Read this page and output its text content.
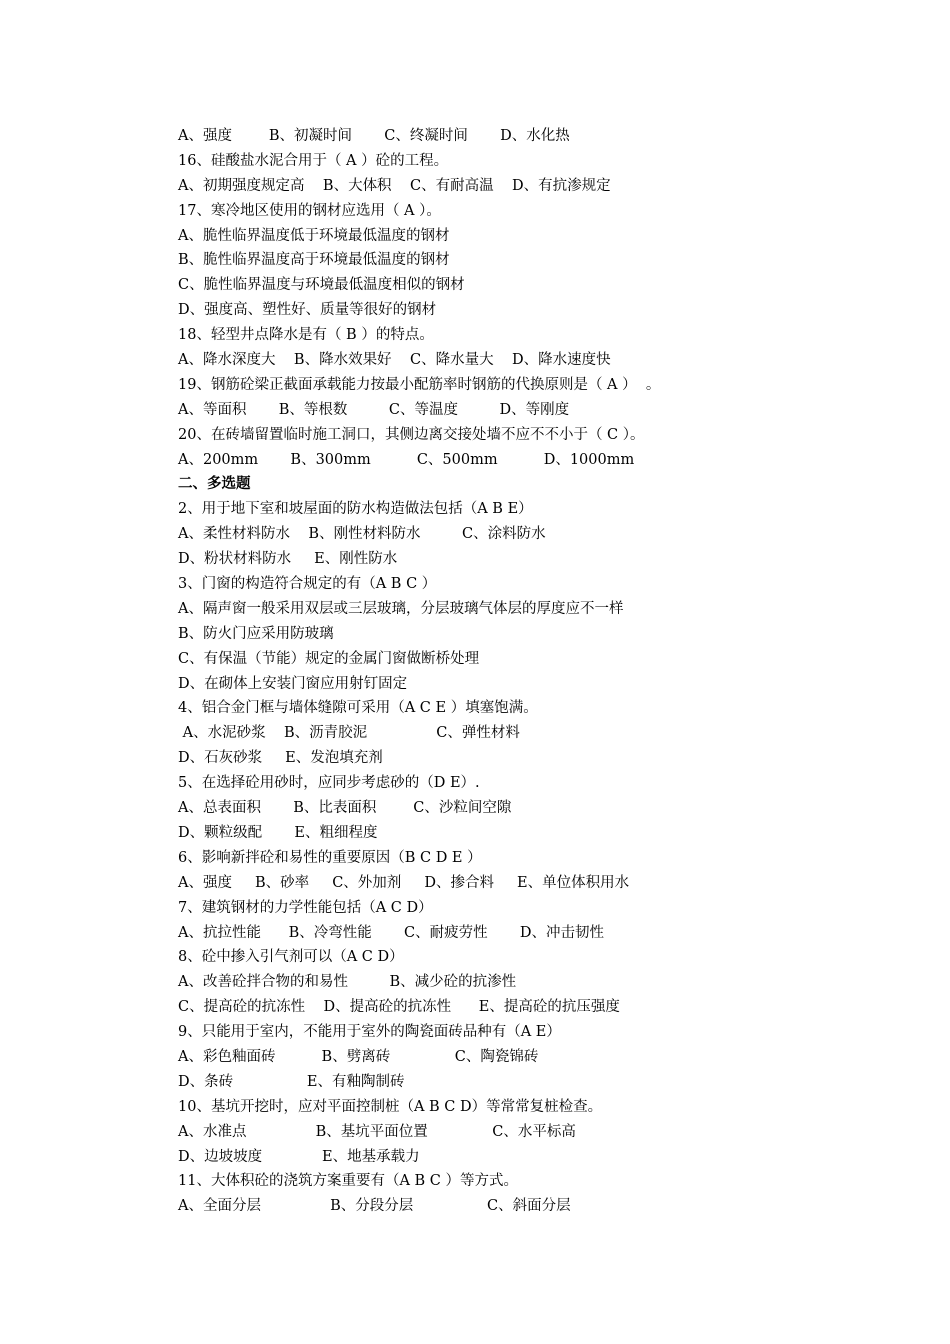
A、强度        B、初凝时间       C、终凝时间       D、水化热
16、硅酸盐水泥合用于（ A ）砼的工程。
A、初期强度规定高    B、大体积    C、有耐高温    D、有抗渗规定
17、寒冷地区使用的钢材应选用（ A ）。
A、脆性临界温度低于环境最低温度的钢材
B、脆性临界温度高于环境最低温度的钢材
C、脆性临界温度与环境最低温度相似的钢材
D、强度高、塑性好、质量等很好的钢材
18、轻型井点降水是有（ B ）的特点。
A、降水深度大    B、降水效果好    C、降水量大    D、降水速度快
19、钢筋砼梁正截面承载能力按最小配筋率时钢筋的代换原则是（ A ）  。
A、等面积       B、等根数         C、等温度         D、等刚度
20、在砖墙留置临时施工洞口，其侧边离交接处墙不应不不小于（ C ）。
A、200mm       B、300mm          C、500mm          D、1000mm
二、多选题
2、用于地下室和坡屋面的防水构造做法包括（A B E）
A、柔性材料防水    B、刚性材料防水         C、涂料防水
D、粉状材料防水     E、刚性防水
3、门窗的构造符合规定的有（A B C ）
A、隔声窗一般采用双层或三层玻璃，分层玻璃气体层的厚度应不一样
B、防火门应采用防玻璃
C、有保温（节能）规定的金属门窗做断桥处理
D、在砌体上安装门窗应用射钉固定
4、铝合金门框与墙体缝隙可采用（A C E ）填塞饱满。
A、水泥砂浆    B、沥青胶泥               C、弹性材料
D、石灰砂浆     E、发泡填充剂
5、在选择砼用砂时，应同步考虑砂的（D E）.
A、总表面积       B、比表面积        C、沙粒间空隙
D、颗粒级配       E、粗细程度
6、影响新拌砼和易性的重要原因（B C D E ）
A、强度     B、砂率     C、外加剂     D、掺合料     E、单位体积用水
7、建筑钢材的力学性能包括（A C D）
A、抗拉性能      B、冷弯性能       C、耐疲劳性       D、冲击韧性
8、砼中掺入引气剂可以（A C D）
A、改善砼拌合物的和易性         B、减少砼的抗渗性
C、提高砼的抗冻性    D、提高砼的抗冻性      E、提高砼的抗压强度
9、只能用于室内，不能用于室外的陶瓷面砖品种有（A E）
A、彩色釉面砖          B、劈离砖              C、陶瓷锦砖
D、条砖                E、有釉陶制砖
10、基坑开挖时，应对平面控制桩（A B C D）等常常复桩检查。
A、水准点               B、基坑平面位置              C、水平标高
D、边坡坡度             E、地基承载力
11、大体积砼的浇筑方案重要有（A B C ）等方式。
A、全面分层               B、分段分层                C、斜面分层
